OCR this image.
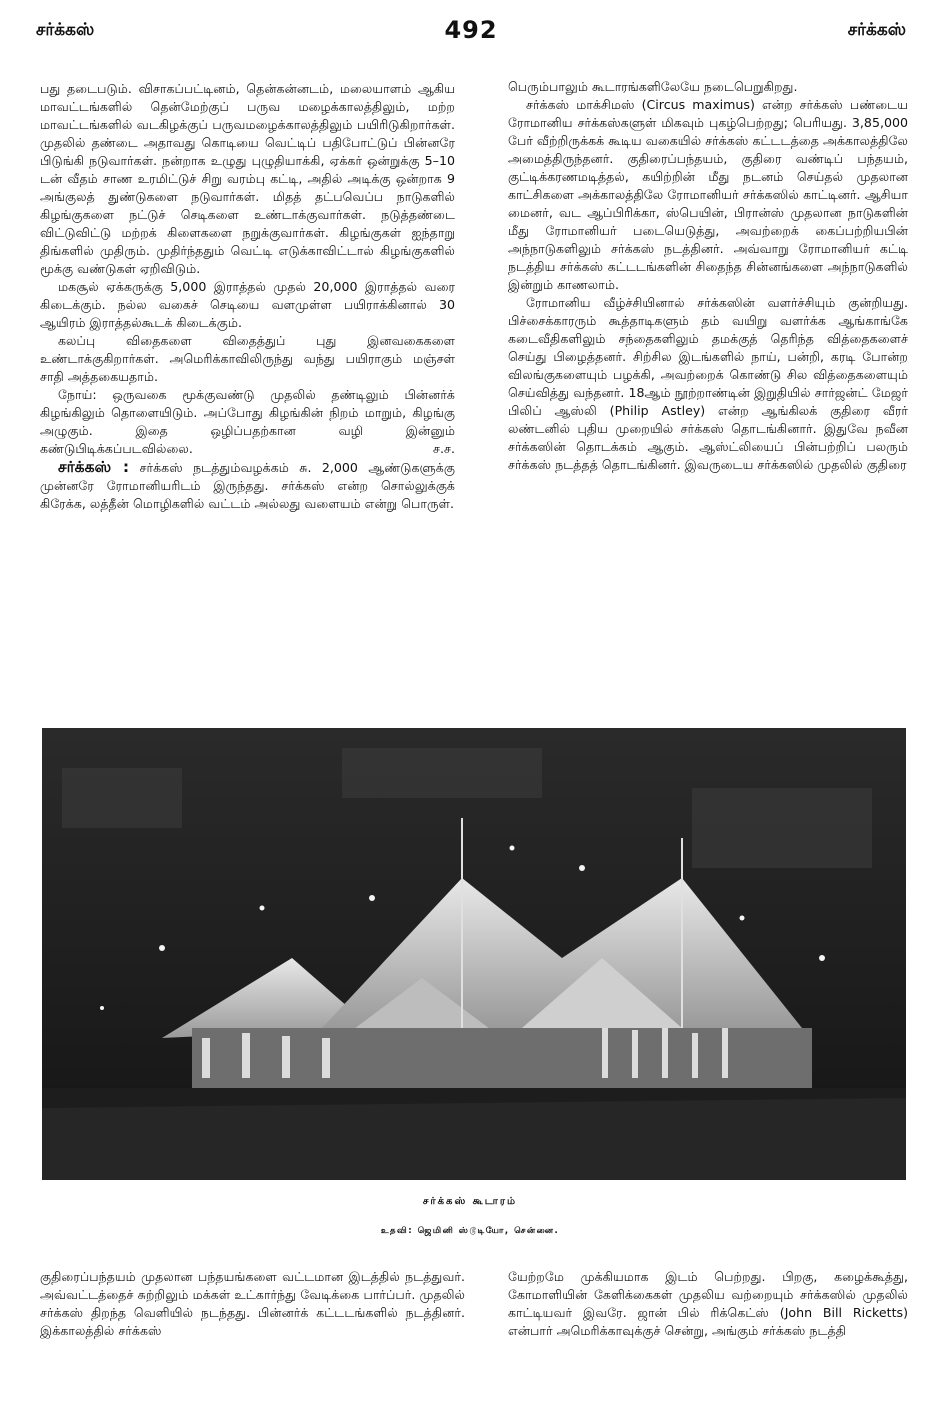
சர்க்கஸ்	492	சர்க்கஸ்

பது தடைபடும். விசாகப்பட்டினம், தென்கன்னடம், மலையாளம் ஆகிய மாவட்டங்களில் தென்மேற்குப் பருவ மழைக்காலத்திலும், மற்ற மாவட்டங்களில் வடகிழக்குப் பருவமழைக்காலத்திலும் பயிரிடுகிறார்கள். முதலில் தண்டை அதாவது கொடியை வெட்டிப் பதிபோட்டுப் பின்னரே பிடுங்கி நடுவார்கள். நன்றாக உழுது புழுதியாக்கி, ஏக்கர் ஒன்றுக்கு 5–10 டன் வீதம் சாண உரமிட்டுச் சிறு வரம்பு கட்டி, அதில் அடிக்கு ஒன்றாக 9 அங்குலத் துண்டுகளை நடுவார்கள். மிதத் தட்பவெப்ப நாடுகளில் கிழங்குகளை நட்டுச் செடிகளை உண்டாக்குவார்கள். நடுத்தண்டை விட்டுவிட்டு மற்றக் கிளைகளை நறுக்குவார்கள். கிழங்குகள் ஐந்தாறு திங்களில் முதிரும். முதிர்ந்ததும் வெட்டி எடுக்காவிட்டால் கிழங்குகளில் மூக்கு வண்டுகள் ஏறிவிடும்.

மகசூல் ஏக்கருக்கு 5,000 இராத்தல் முதல் 20,000 இராத்தல் வரை கிடைக்கும். நல்ல வகைச் செடியை வளமுள்ள பயிராக்கினால் 30 ஆயிரம் இராத்தல்கூடக் கிடைக்கும்.

கலப்பு விதைகளை விதைத்துப் புது இனவகைகளை உண்டாக்குகிறார்கள். அமெரிக்காவிலிருந்து வந்து பயிராகும் மஞ்சள் சாதி அத்தகையதாம்.

நோய்: ஒருவகை மூக்குவண்டு முதலில் தண்டிலும் பின்னர்க் கிழங்கிலும் தொளையிடும். அப்போது கிழங்கின் நிறம் மாறும், கிழங்கு அழுகும். இதை ஒழிப்பதற்கான வழி இன்னும் கண்டுபிடிக்கப்படவில்லை.	ச.ச.

சர்க்கஸ் : சர்க்கஸ் நடத்தும்வழக்கம் சு. 2,000 ஆண்டுகளுக்கு முன்னரே ரோமானியரிடம் இருந்தது. சர்க்கஸ் என்ற சொல்லுக்குக் கிரேக்க, லத்தீன் மொழிகளில் வட்டம் அல்லது வளையம் என்று பொருள்.

பெரும்பாலும் கூடாரங்களிலேயே நடைபெறுகிறது.

சர்க்கஸ் மாக்சிமஸ் (Circus maximus) என்ற சர்க்கஸ் பண்டைய ரோமானிய சர்க்கஸ்களுள் மிகவும் புகழ்பெற்றது; பெரியது. 3,85,000 பேர் வீற்றிருக்கக் கூடிய வகையில் சர்க்கஸ் கட்டடத்தை அக்காலத்திலே அமைத்திருந்தனர். குதிரைப்பந்தயம், குதிரை வண்டிப் பந்தயம், குட்டிக்கரணமடித்தல், கயிற்றின் மீது நடனம் செய்தல் முதலான காட்சிகளை அக்காலத்திலே ரோமானியர் சர்க்கஸில் காட்டினர். ஆசியா மைனர், வட ஆப்பிரிக்கா, ஸ்பெயின், பிரான்ஸ் முதலான நாடுகளின் மீது ரோமானியர் படையெடுத்து, அவற்றைக் கைப்பற்றியபின் அந்நாடுகளிலும் சர்க்கஸ் நடத்தினர். அவ்வாறு ரோமானியர் கட்டி நடத்திய சர்க்கஸ் கட்டடங்களின் சிதைந்த சின்னங்களை அந்நாடுகளில் இன்றும் காணலாம்.

ரோமானிய வீழ்ச்சியினால் சர்க்கஸின் வளர்ச்சியும் குன்றியது. பிச்சைக்காரரும் கூத்தாடிகளும் தம் வயிறு வளர்க்க ஆங்காங்கே கடைவீதிகளிலும் சந்தைகளிலும் தமக்குத் தெரிந்த வித்தைகளைச் செய்து பிழைத்தனர். சிற்சில இடங்களில் நாய், பன்றி, கரடி போன்ற விலங்குகளையும் பழக்கி, அவற்றைக் கொண்டு சில வித்தைகளையும் செய்வித்து வந்தனர். 18ஆம் நூற்றாண்டின் இறுதியில் சார்ஜன்ட் மேஜர் பிலிப் ஆஸ்லி (Philip Astley) என்ற ஆங்கிலக் குதிரை வீரர் லண்டனில் புதிய முறையில் சர்க்கஸ் தொடங்கினார். இதுவே நவீன சர்க்கஸின் தொடக்கம் ஆகும். ஆஸ்ட்லியைப் பின்பற்றிப் பலரும் சர்க்கஸ் நடத்தத் தொடங்கினர். இவருடைய சர்க்கஸில் முதலில் குதிரை

சர்க்கஸ் கூடாரம்
உதவி: ஜெமினி ஸ்டூடியோ, சென்னை.

குதிரைப்பந்தயம் முதலான பந்தயங்களை வட்டமான இடத்தில் நடத்துவர். அவ்வட்டத்தைச் சுற்றிலும் மக்கள் உட்கார்ந்து வேடிக்கை பார்ப்பர். முதலில் சர்க்கஸ் திறந்த வெளியில் நடந்தது. பின்னர்க் கட்டடங்களில் நடத்தினர். இக்காலத்தில் சர்க்கஸ்

யேற்றமே முக்கியமாக இடம் பெற்றது. பிறகு, கழைக்கூத்து, கோமாளியின் கேளிக்கைகள் முதலிய வற்றையும் சர்க்கஸில் முதலில் காட்டியவர் இவரே. ஜான் பில் ரிக்கெட்ஸ் (John Bill Ricketts) என்பார் அமெரிக்காவுக்குச் சென்று, அங்கும் சர்க்கஸ் நடத்தி
